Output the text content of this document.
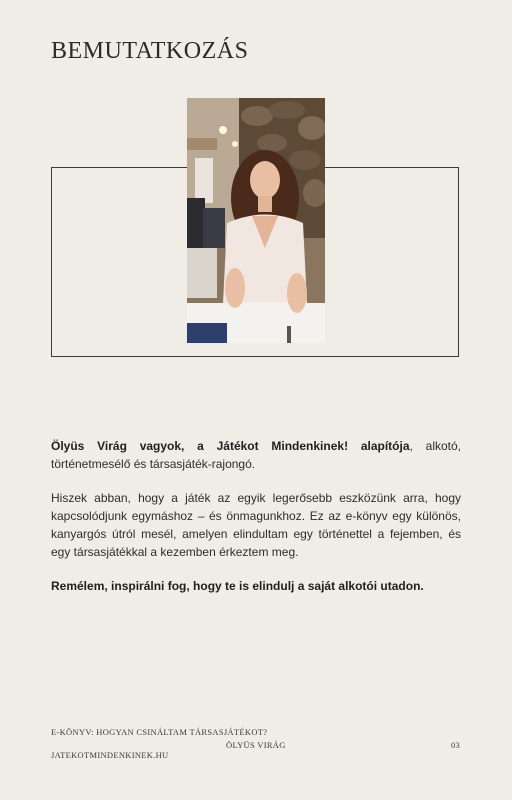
BEMUTATKOZÁS

Ölyüs Virág vagyok, a Játékot Mindenkinek! alapítója, alkotó, történetmesélő és társasjáték-rajongó.

Hiszek abban, hogy a játék az egyik legerősebb eszközünk arra, hogy kapcsolódjunk egymáshoz – és önmagunkhoz. Ez az e-könyv egy különös, kanyargós útról mesél, amelyen elindultam egy történettel a fejemben, és egy társasjátékkal a kezemben érkeztem meg.

Remélem, inspirálni fog, hogy te is elindulj a saját alkotói utadon.

E-KÖNYV: HOGYAN CSINÁLTAM TÁRSASJÁTÉKOT?
ÖLYÜS VIRÁG	03
JATEKOTMINDENKINEK.HU
